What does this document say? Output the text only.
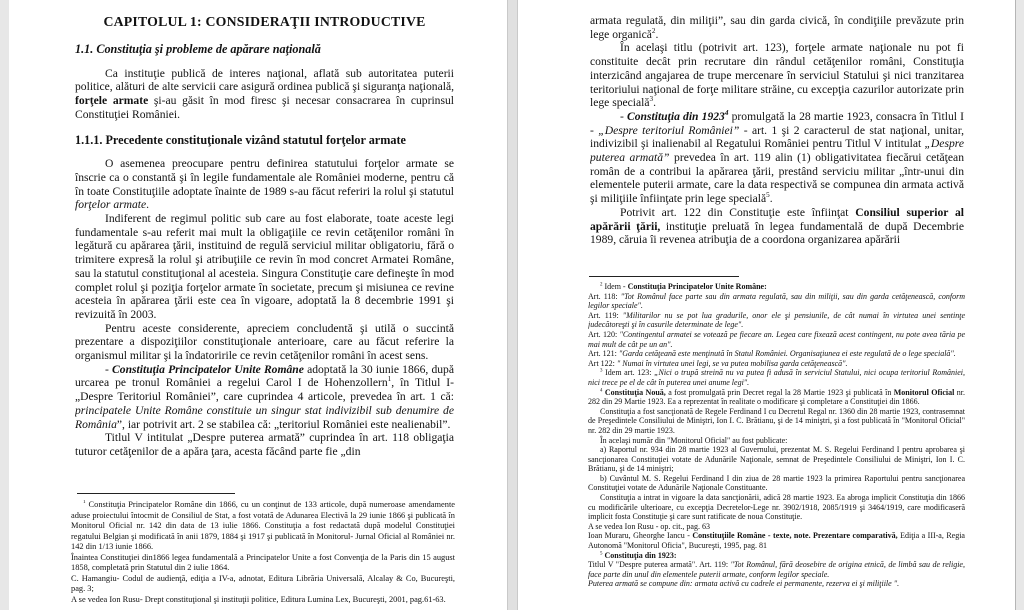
CAPITOLUL 1: CONSIDERAŢII INTRODUCTIVE

1.1. Constituţia şi probleme de apărare naţională

Ca instituţie publică de interes naţional, aflată sub autoritatea puterii politice, alături de alte servicii care asigură ordinea publică şi siguranţa naţională, forţele armate şi-au găsit în mod firesc şi necesar consacrarea în cuprinsul Constituţiei României.

1.1.1. Precedente constituţionale vizând statutul forţelor armate

O asemenea preocupare pentru definirea statutului forţelor armate se înscrie ca o constantă şi în legile fundamentale ale României moderne, pentru că în toate Constituţiile adoptate înainte de 1989 s-au făcut referiri la rolul şi statutul forţelor armate.

Indiferent de regimul politic sub care au fost elaborate, toate aceste legi fundamentale s-au referit mai mult la obligaţiile ce revin cetăţenilor români în legătură cu apărarea ţării, instituind de regulă serviciul militar obligatoriu, fără o trimitere expresă la rolul şi atribuţiile ce revin în mod concret Armatei Române, sau la statutul constituţional al acesteia. Singura Constituţie care defineşte în mod complet rolul şi poziţia forţelor armate în societate, precum şi misiunea ce revine acesteia în apărarea ţării este cea în vigoare, adoptată la 8 decembrie 1991 şi revizuită în 2003.

Pentru aceste considerente, apreciem concludentă şi utilă o succintă prezentare a dispoziţiilor constituţionale anterioare, care au făcut referire la organismul militar şi la îndatoririle ce revin cetăţenilor români în acest sens.

- Constituţia Principatelor Unite Române adoptată la 30 iunie 1866, după urcarea pe tronul României a regelui Carol I de Hohenzollern$^1$, în Titlul I- „Despre Teritoriul României”, care cuprindea 4 articole, prevedea în art. 1 că: principatele Unite Române constituie un singur stat indivizibil sub denumire de România”, iar potrivit art. 2 se stabilea că: „teritoriul României este nealienabil”.

Titlul V intitulat „Despre puterea armată” cuprindea în art. 118 obligaţia tuturor cetăţenilor de a apăra ţara, acesta făcând parte fie „din

$^1$ Constituţia Principatelor Române din 1866, cu un conţinut de 133 articole, după numeroase amendamente aduse proiectului întocmit de Consiliul de Stat, a fost votată de Adunarea Electivă la 29 iunie 1866 şi publicată în Monitorul Oficial nr. 142 din data de 13 iulie 1866. Constituţia a fost redactată după modelul Constituţiei regatului Belgian şi modificată în anii 1879, 1884 şi 1917 şi publicată în Monitorul- Jurnal Oficial al României nr. 142 din 1/13 iunie 1866.

Înaintea Constituţiei din1866 legea fundamentală a Principatelor Unite a fost Convenţia de la Paris din 15 august 1858, completată prin Statutul din 2 iulie 1864.

C. Hamangiu- Codul de audienţă, ediţia a IV-a, adnotat, Editura Librăria Universală, Alcalay & Co, Bucureşti, pag. 3;

A se vedea Ion Rusu- Drept constituţional şi instituţii politice, Editura Lumina Lex, Bucureşti, 2001, pag.61-63.

armata regulată, din miliţii”, sau din garda civică, în condiţiile prevăzute prin lege organică$^2$.

În acelaşi titlu (potrivit art. 123), forţele armate naţionale nu pot fi constituite decât prin recrutare din rândul cetăţenilor români, Constituţia interzicând angajarea de trupe mercenare în serviciul Statului şi nici tranzitarea teritoriului naţional de forţe militare străine, cu excepţia cazurilor autorizate prin lege specială$^3$.

- Constituţia din 1923$^4$ promulgată la 28 martie 1923, consacra în Titlul I - „Despre teritoriul României” - art. 1 şi 2 caracterul de stat naţional, unitar, indivizibil şi inalienabil al Regatului României pentru Titlul V intitulat „Despre puterea armată” prevedea în art. 119 alin (1) obligativitatea fiecărui cetăţean român de a contribui la apărarea ţării, prestând serviciu militar „într-unui din elementele puterii armate, care la data respectivă se compunea din armata activă şi miliţiile înfiinţate prin lege specială$^5$.

Potrivit art. 122 din Constituţie este înfiinţat Consiliul superior al apărării ţării, instituţie preluată în legea fundamentală de după Decembrie 1989, căruia îi revenea atribuţia de a coordona organizarea apărării

$^2$ Idem - Constituţia Principatelor Unite Române:

Art. 118: "Tot Românul face parte sau din armata regulată, sau din miliţii, sau din garda cetăţenească, conform legilor speciale".

Art. 119: "Militarilor nu se pot lua gradurile, onor ele şi pensiunile, de cât numai în virtutea unei sentinţe judecătoreşti şi în casurile determinate de lege".

Art. 120: "Contingentul armatei se votează pe fiecare an. Legea care fixează acest contingent, nu pote avea tăria pe mai mult de cât pe un an".

Art. 121: "Garda cetăţeană este menţinută în Statul României. Organisaţiunea ei este regulată de o lege specială".

Art 122: " Numai în virtutea unei legi, se va putea mobilisa garda cetăţenească".

$^3$ Idem art. 123: „Nici o trupă streină nu va putea fi adusă în serviciul Statului, nici ocupa teritoriul României, nici trece pe el de cât în puterea unei anume legi".

$^4$ Constituţia Nouă, a fost promulgată prin Decret regal la 28 Martie 1923 şi publicată în Monitorul Oficial nr. 282 din 29 Martie 1923. Ea a reprezentat în realitate o modificare şi completare a Constituţiei din 1866.

Constituţia a fost sancţionată de Regele Ferdinand I cu Decretul Regal nr. 1360 din 28 martie 1923, contrasemnat de Preşedintele Consiliului de Miniştri, Ion I. C. Brătianu, şi de 14 miniştri, şi a fost publicată în "Monitorul Oficial" nr. 282 din 29 martie 1923.

În acelaşi număr din "Monitorul Oficial" au fost publicate:

a) Raportul nr. 934 din 28 martie 1923 al Guvernului, prezentat M. S. Regelui Ferdinand I pentru aprobarea şi sancţionarea Constituţiei votate de Adunările Naţionale, semnat de Preşedintele Consiliului de Miniştri, Ion I. C. Brătianu, şi de 14 miniştri;

b) Cuvântul M. S. Regelui Ferdinand I din ziua de 28 martie 1923 la primirea Raportului pentru sancţionarea Constituţiei votate de Adunările Naţionale Constituante.

Constituţia a intrat in vigoare la data sancţionării, adică 28 martie 1923. Ea abroga implicit Constituţia din 1866 cu modificările ulterioare, cu excepţia Decretelor-Lege nr. 3902/1918, 2085/1919 şi 3464/1919, care modificaseră implicit fosta Constituţie şi care sunt ratificate de noua Constituţie.

A se vedea Ion Rusu - op. cit., pag. 63

Ioan Muraru, Gheorghe Iancu - Constituţiile Române - texte, note. Prezentare comparativă, Ediţia a III-a, Regia Autonomă "Monitorul Oficia", Bucureşti, 1995, pag. 81

$^5$ Constituţia din 1923:

Titlul V "Despre puterea armată". Art. 119: "Tot Românul, fără deosebire de origina etnică, de limbă sau de religie, face parte din unul din elementele puterii armate, conform legilor speciale.

Puterea armată se compune din: armata activă cu cadrele ei permanente, rezerva ei şi miliţiile ".
